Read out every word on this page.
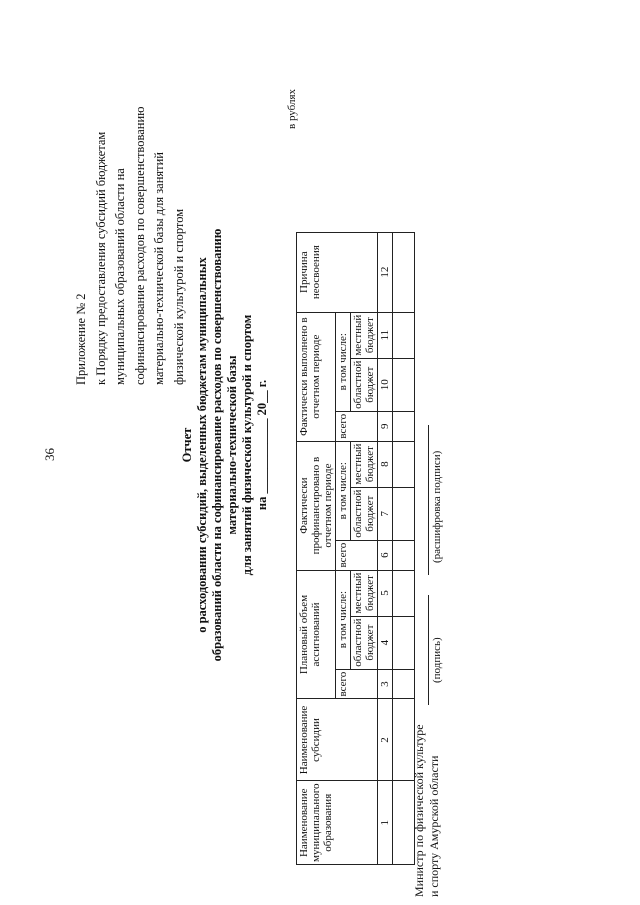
36
Приложение № 2 к Порядку предоставления субсидий бюджетам муниципальных образований области на софинансирование расходов по совершенствованию материально-технической базы для занятий физической культурой и спортом
Отчет о расходовании субсидий, выделенных бюджетам муниципальных образований области на софинансирование расходов по совершенствованию материально-технической базы для занятий физической культурой и спортом на ____________ 20__ г.
в рублях
Наименование муниципального образования	Наименование субсидии	Плановый объем ассигнований			Фактически профинансировано в отчетном периоде			Фактически выполнено в отчетном периоде			Причина неосвоения
		всего	в том числе:		всего	в том числе:		всего	в том числе:		
			областной бюджет	местный бюджет		областной бюджет	местный бюджет		областной бюджет	местный бюджет	
1	2	3	4	5	6	7	8	9	10	11	12

Министр по физической культуре и спорту Амурской области
(подпись)
(расшифровка подписи)
